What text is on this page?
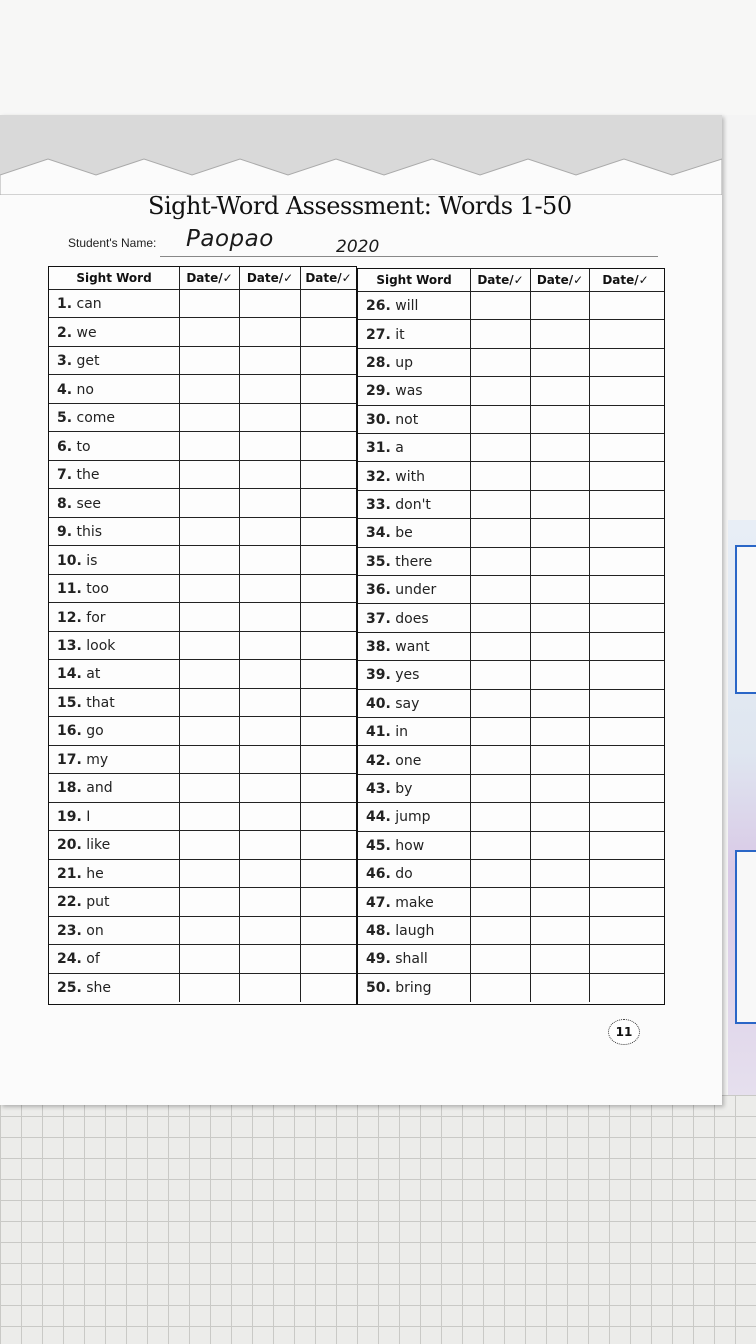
Sight-Word Assessment: Words 1-50
Student's Name: Paopao	2020
Sight Word	Date/✓	Date/✓	Date/✓
1. can
2. we
3. get
4. no
5. come
6. to
7. the
8. see
9. this
10. is
11. too
12. for
13. look
14. at
15. that
16. go
17. my
18. and
19. I
20. like
21. he
22. put
23. on
24. of
25. she
Sight Word	Date/✓	Date/✓	Date/✓
26. will
27. it
28. up
29. was
30. not
31. a
32. with
33. don't
34. be
35. there
36. under
37. does
38. want
39. yes
40. say
41. in
42. one
43. by
44. jump
45. how
46. do
47. make
48. laugh
49. shall
50. bring
11
